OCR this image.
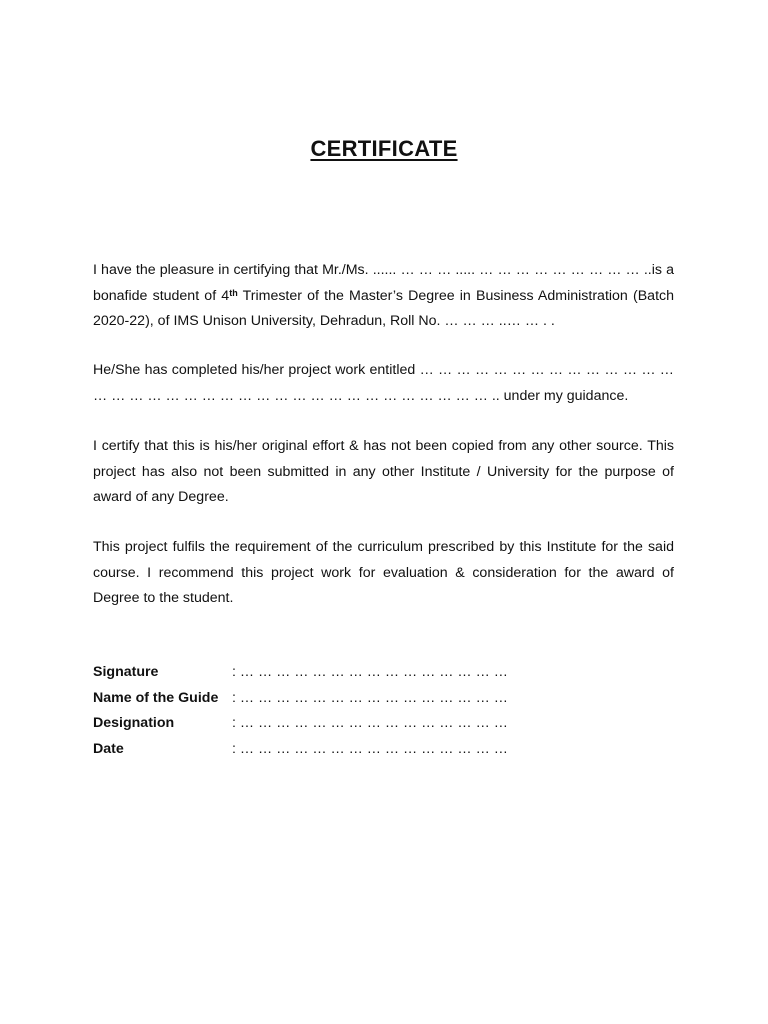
CERTIFICATE

I have the pleasure in certifying that Mr./Ms. ...... … … … ..... … … … … … … … … … ..is a bonafide student of 4th Trimester of the Master’s Degree in Business Administration (Batch 2020-22), of IMS Unison University, Dehradun, Roll No. … … … ..… … . .

He/She has completed his/her project work entitled … … … … … … … … … … … … … … … … … … … … … … … … … … … … … … … … … … … … .. under my guidance.

I certify that this is his/her original effort & has not been copied from any other source. This project has also not been submitted in any other Institute / University for the purpose of award of any Degree.

This project fulfils the requirement of the curriculum prescribed by this Institute for the said course. I recommend this project work for evaluation & consideration for the award of Degree to the student.

Signature	: … … … … … … … … … … … … … … …
Name of the Guide : … … … … … … … … … … … … … … …
Designation	: … … … … … … … … … … … … … … …
Date	: … … … … … … … … … … … … … … …
